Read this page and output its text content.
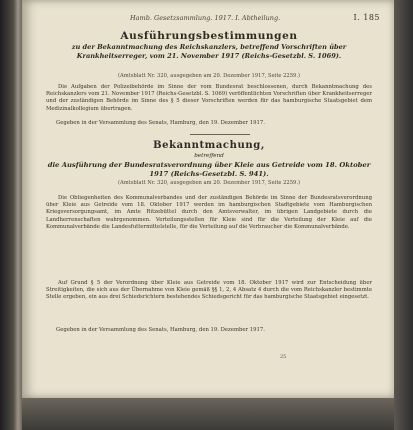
Hamb. Gesetzsammlung. 1917. I. Abtheilung.	I. 185
Ausführungsbestimmungen
zu der Bekanntmachung des Reichskanzlers, betreffend Vorschriften über Krankheitserreger, vom 21. November 1917 (Reichs-Gesetzbl. S. 1069).
(Amtsblatt Nr. 320, ausgegeben am 20. Dezember 1917, Seite 2259.)
Die Aufgaben der Polizeibehörde im Sinne der vom Bundesrat beschlossenen, durch Bekanntmachung des Reichskanzlers vom 21. November 1917 (Reichs-Gesetzbl. S. 1069) veröffentlichten Vorschriften über Krankheitserreger und der zuständigen Behörde im Sinne des § 5 dieser Vorschriften werden für das hamburgische Staatsgebiet dem Medizinalkollegium übertragen.
Gegeben in der Versammlung des Senats, Hamburg, den 19. Dezember 1917.
Bekanntmachung,
betreffend
die Ausführung der Bundesratsverordnung über Kleie aus Getreide vom 18. Oktober 1917 (Reichs-Gesetzbl. S. 941).
(Amtsblatt Nr. 320, ausgegeben am 20. Dezember 1917, Seite 2259.)
Die Obliegenheiten des Kommunalverbandes und der zuständigen Behörde im Sinne der Bundesratsverordnung über Kleie aus Getreide vom 18. Oktober 1917 werden im hamburgischen Stadtgebiete vom Hamburgischen Kriegsversorgungsamt, im Amte Ritzebüttel durch den Amtsverwalter, im übrigen Landgebiete durch die Landherrenschaften wahrgenommen. Verteilungsstellen für Kleie sind für die Verteilung der Kleie auf die Kommunalverbände die Landesfuttermittelstelle, für die Verteilung auf die Verbraucher die Kommunalverbände.
Auf Grund § 5 der Verordnung über Kleie aus Getreide vom 18. Oktober 1917 wird zur Entscheidung über Streitigkeiten, die sich aus der Übernahme von Kleie gemäß §§ 1, 2, 4 Absatz 4 durch die vom Reichskanzler bestimmte Stelle ergeben, ein aus drei Schiedsrichtern bestehendes Schiedsgericht für das hamburgische Staatsgebiet eingesetzt.
Gegeben in der Versammlung des Senats, Hamburg, den 19. Dezember 1917.
25
